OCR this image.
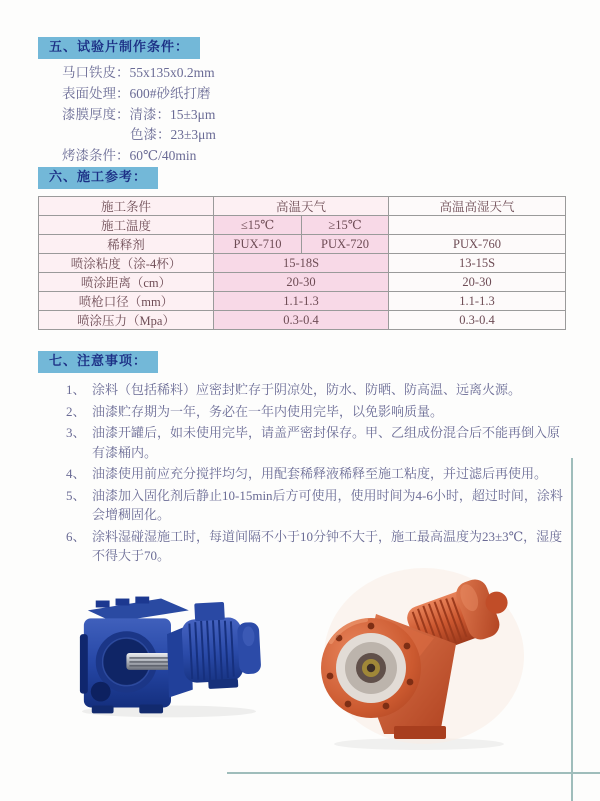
五、试验片制作条件：
马口铁皮：55x135x0.2mm
表面处理：600#砂纸打磨
漆膜厚度：清漆：15±3μm
色漆：23±3μm
烤漆条件：60℃/40min
六、施工参考：
施工条件	高温天气		高温高湿天气
施工温度	≤15℃	≥15℃	
稀释剂	PUX-710	PUX-720	PUX-760
喷涂粘度（涂-4杯）	15-18S		13-15S
喷涂距离（cm）	20-30		20-30
喷枪口径（mm）	1.1-1.3		1.1-1.3
喷涂压力（Mpa）	0.3-0.4		0.3-0.4
七、注意事项：
1、 涂料（包括稀料）应密封贮存于阴凉处，防水、防晒、防高温、远离火源。
2、 油漆贮存期为一年，务必在一年内使用完毕，以免影响质量。
3、 油漆开罐后，如未使用完毕，请盖严密封保存。甲、乙组成份混合后不能再倒入原有漆桶内。
4、 油漆使用前应充分搅拌均匀，用配套稀释液稀释至施工粘度，并过滤后再使用。
5、 油漆加入固化剂后静止10-15min后方可使用，使用时间为4-6小时，超过时间，涂料会增稠固化。
6、 涂料湿碰湿施工时，每道间隔不小于10分钟不大于，施工最高温度为23±3℃，湿度不得大于70。
